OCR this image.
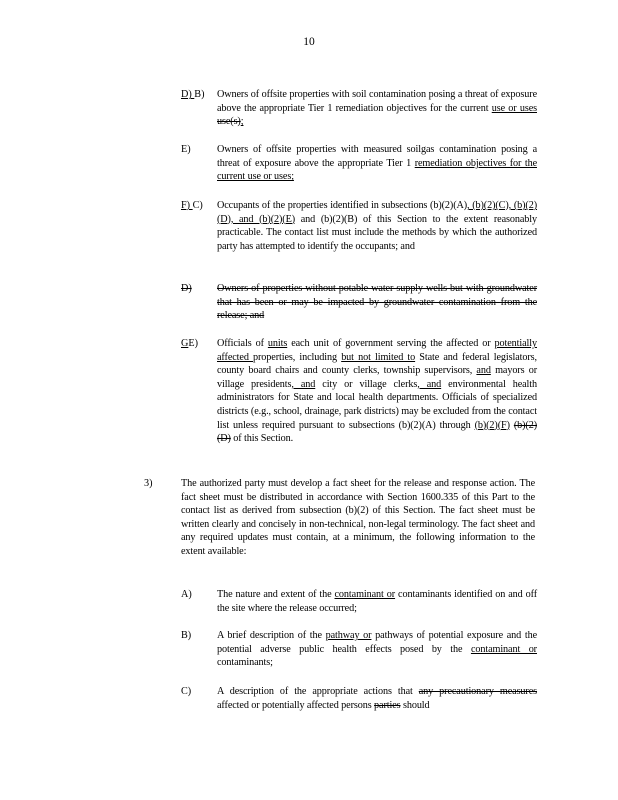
10
D) B) Owners of offsite properties with soil contamination posing a threat of exposure above the appropriate Tier 1 remediation objectives for the current use or uses use(s);
E)	Owners of offsite properties with measured soilgas contamination posing a threat of exposure above the appropriate Tier 1 remediation objectives for the current use or uses;
F) C) Occupants of the properties identified in subsections (b)(2)(A), (b)(2)(C), (b)(2)(D), and (b)(2)(E) and (b)(2)(B) of this Section to the extent reasonably practicable. The contact list must include the methods by which the authorized party has attempted to identify the occupants; and
D) Owners of properties without potable water supply wells but with groundwater that has been or may be impacted by groundwater contamination from the release; and
GE) Officials of units each unit of government serving the affected or potentially affected properties, including but not limited to State and federal legislators, county board chairs and county clerks, township supervisors, and mayors or village presidents, and city or village clerks, and environmental health administrators for State and local health departments. Officials of specialized districts (e.g., school, drainage, park districts) may be excluded from the contact list unless required pursuant to subsections (b)(2)(A) through (b)(2)(F) (b)(2)(D) of this Section.
3)	The authorized party must develop a fact sheet for the release and response action. The fact sheet must be distributed in accordance with Section 1600.335 of this Part to the contact list as derived from subsection (b)(2) of this Section. The fact sheet must be written clearly and concisely in non-technical, non-legal terminology. The fact sheet and any required updates must contain, at a minimum, the following information to the extent available:
A) The nature and extent of the contaminant or contaminants identified on and off the site where the release occurred;
B)	A brief description of the pathway or pathways of potential exposure and the potential adverse public health effects posed by the contaminant or contaminants;
C)	A description of the appropriate actions that any precautionary measures affected or potentially affected persons parties should
